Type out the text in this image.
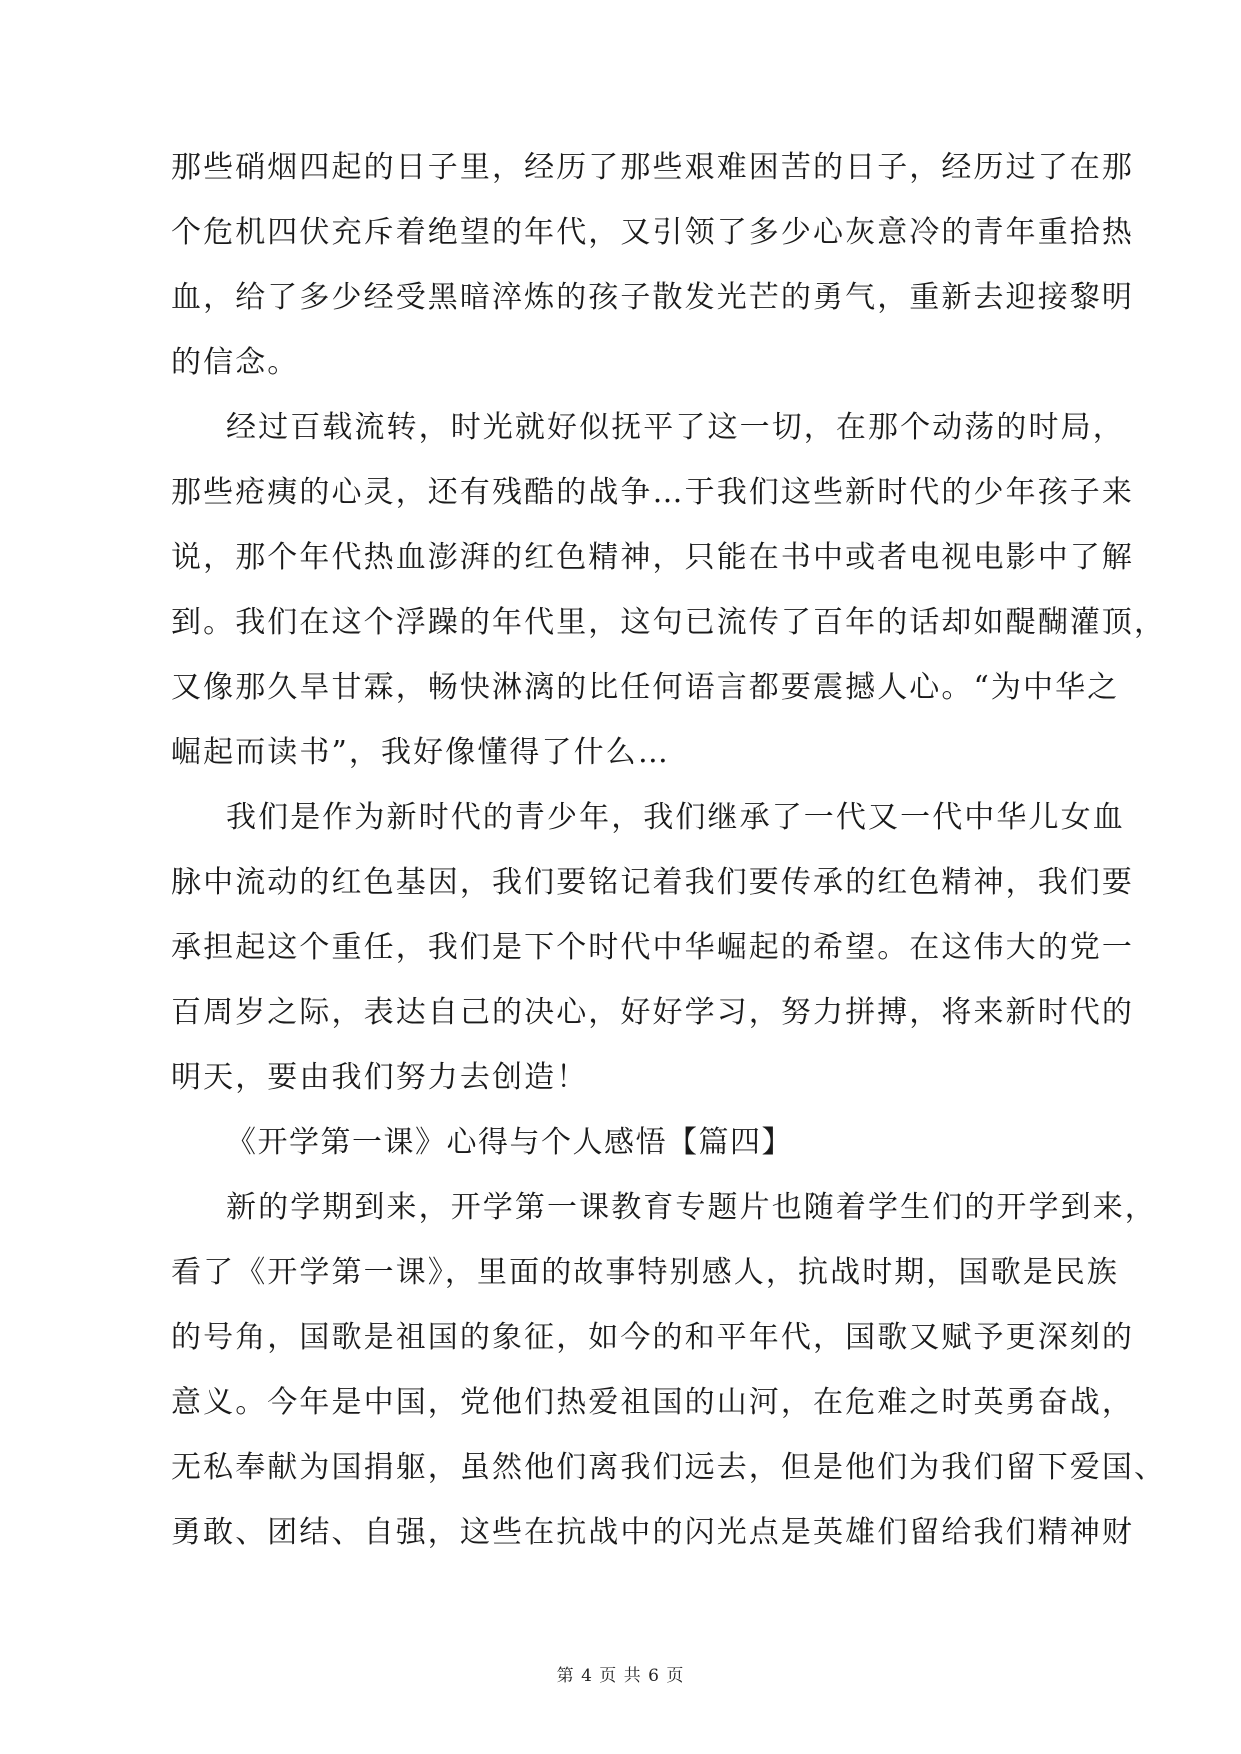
那些硝烟四起的日子里，经历了那些艰难困苦的日子，经历过了在那
个危机四伏充斥着绝望的年代，又引领了多少心灰意冷的青年重拾热
血，给了多少经受黑暗淬炼的孩子散发光芒的勇气，重新去迎接黎明
的信念。
经过百载流转，时光就好似抚平了这一切，在那个动荡的时局，
那些疮痍的心灵，还有残酷的战争…于我们这些新时代的少年孩子来
说，那个年代热血澎湃的红色精神，只能在书中或者电视电影中了解
到。我们在这个浮躁的年代里，这句已流传了百年的话却如醍醐灌顶，
又像那久旱甘霖，畅快淋漓的比任何语言都要震撼人心。“为中华之
崛起而读书”，我好像懂得了什么…
我们是作为新时代的青少年，我们继承了一代又一代中华儿女血
脉中流动的红色基因，我们要铭记着我们要传承的红色精神，我们要
承担起这个重任，我们是下个时代中华崛起的希望。在这伟大的党一
百周岁之际，表达自己的决心，好好学习，努力拼搏，将来新时代的
明天，要由我们努力去创造！
《开学第一课》心得与个人感悟【篇四】
新的学期到来，开学第一课教育专题片也随着学生们的开学到来，
看了《开学第一课》，里面的故事特别感人，抗战时期，国歌是民族
的号角，国歌是祖国的象征，如今的和平年代，国歌又赋予更深刻的
意义。今年是中国，党他们热爱祖国的山河，在危难之时英勇奋战，
无私奉献为国捐躯，虽然他们离我们远去，但是他们为我们留下爱国、
勇敢、团结、自强，这些在抗战中的闪光点是英雄们留给我们精神财
第 4 页 共 6 页
